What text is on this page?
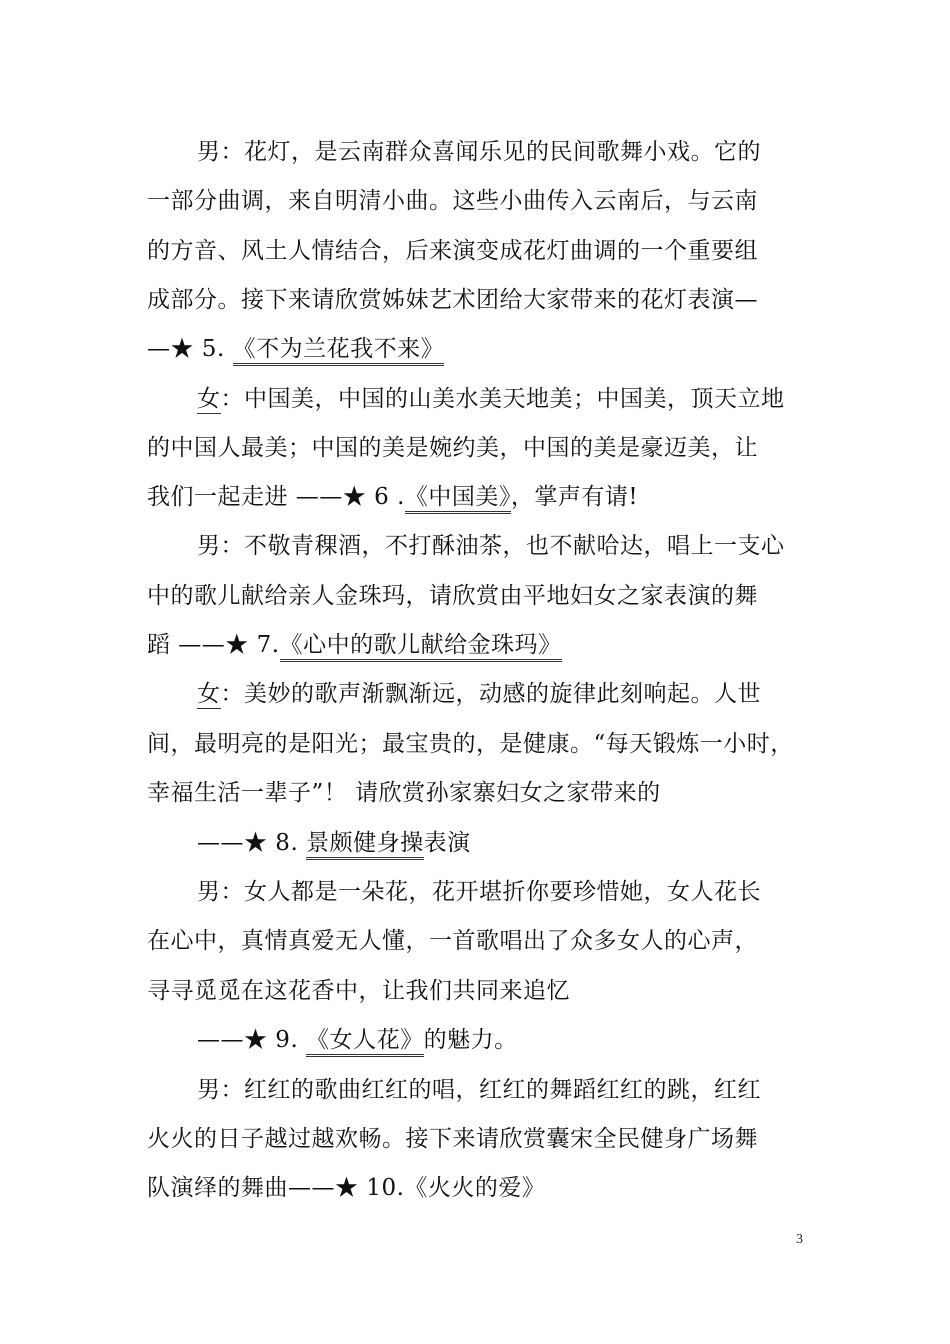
男：花灯，是云南群众喜闻乐见的民间歌舞小戏。它的
一部分曲调，来自明清小曲。这些小曲传入云南后，与云南
的方音、风土人情结合，后来演变成花灯曲调的一个重要组
成部分。接下来请欣赏姊妹艺术团给大家带来的花灯表演—
—★ 5. 《不为兰花我不来》
女：中国美，中国的山美水美天地美；中国美，顶天立地
的中国人最美；中国的美是婉约美，中国的美是豪迈美，让
我们一起走进 ——★ 6 .《中国美》，掌声有请!
男：不敬青稞酒，不打酥油茶，也不献哈达，唱上一支心
中的歌儿献给亲人金珠玛，请欣赏由平地妇女之家表演的舞
蹈 ——★ 7.《心中的歌儿献给金珠玛》
女：美妙的歌声渐飘渐远，动感的旋律此刻响起。人世
间，最明亮的是阳光；最宝贵的，是健康。“每天锻炼一小时，
幸福生活一辈子”！ 请欣赏孙家寨妇女之家带来的
——★ 8. 景颇健身操表演
男：女人都是一朵花，花开堪折你要珍惜她，女人花长
在心中，真情真爱无人懂，一首歌唱出了众多女人的心声，
寻寻觅觅在这花香中，让我们共同来追忆
——★ 9. 《女人花》的魅力。
男：红红的歌曲红红的唱，红红的舞蹈红红的跳，红红
火火的日子越过越欢畅。接下来请欣赏囊宋全民健身广场舞
队演绎的舞曲——★ 10.《火火的爱》
3
